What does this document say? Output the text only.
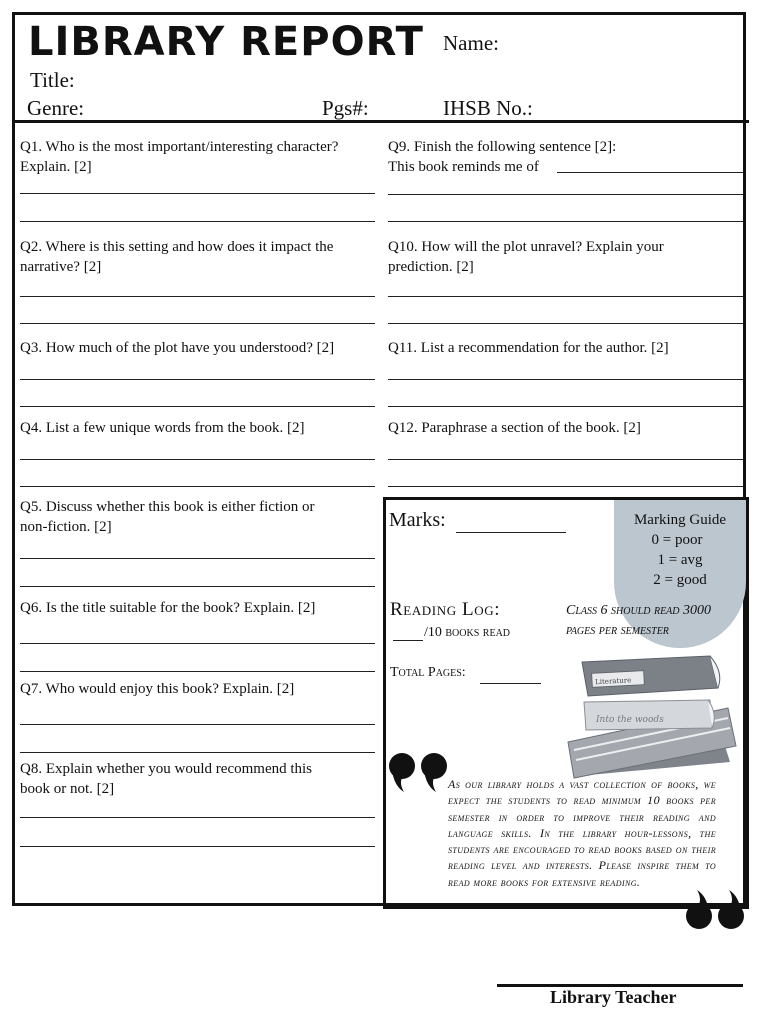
LIBRARY REPORT Name:
Title:
Genre:	Pgs#:	IHSB No.:
Q1. Who is the most important/interesting character?
Explain. [2]
Q2. Where is this setting and how does it impact the
narrative? [2]
Q3. How much of the plot have you understood? [2]
Q4. List a few unique words from the book. [2]
Q5. Discuss whether this book is either fiction or
non-fiction. [2]
Q6. Is the title suitable for the book? Explain. [2]
Q7. Who would enjoy this book? Explain. [2]
Q8. Explain whether you would recommend this
book or not. [2]
Q9. Finish the following sentence [2]:
This book reminds me of
Q10. How will the plot unravel? Explain your
prediction. [2]
Q11. List a recommendation for the author. [2]
Q12. Paraphrase a section of the book. [2]
Marks:	Marking Guide
0 = poor
1 = avg
2 = good
Reading Log:
/10 books read
Class 6 should read 3000
pages per semester
Total Pages:
Into the woods
Literature
As our library holds a vast collection of books, we expect the students to read minimum 10 books per semester in order to improve their reading and language skills. In the library hour-lessons, the students are encouraged to read books based on their reading level and interests. Please inspire them to read more books for extensive reading.
Library Teacher
